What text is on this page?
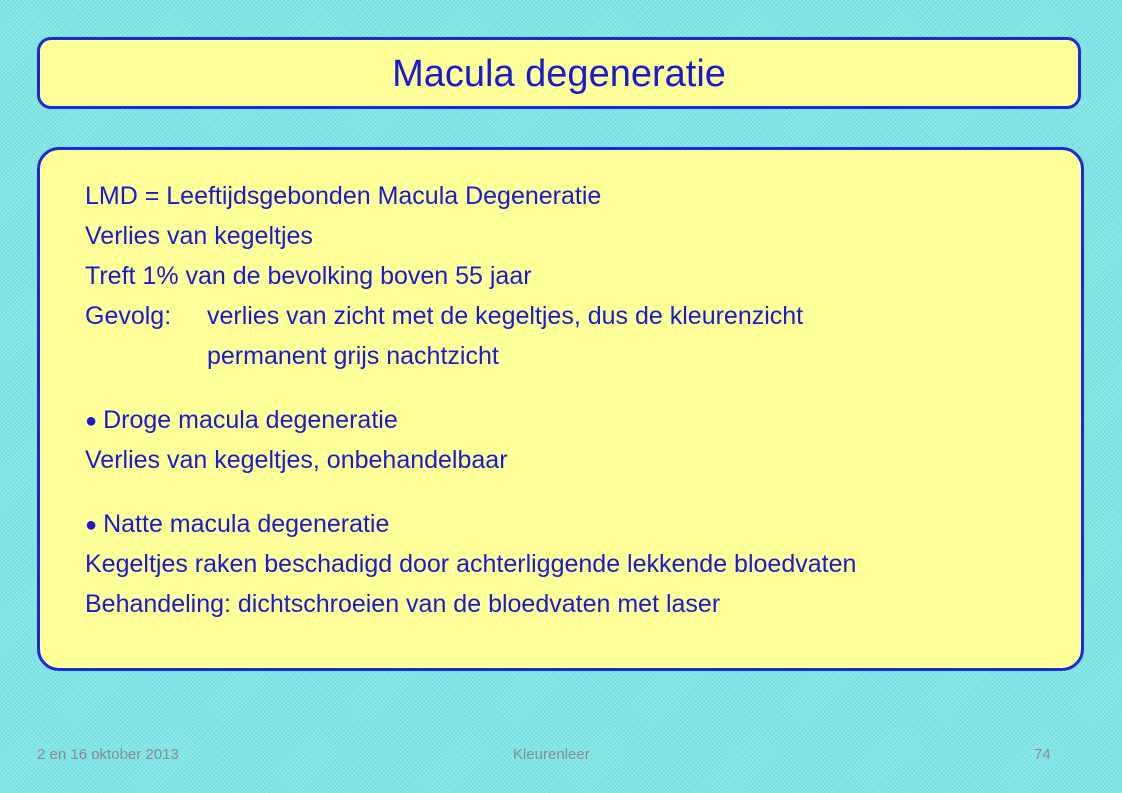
Macula degeneratie
LMD = Leeftijdsgebonden Macula Degeneratie
Verlies van kegeltjes
Treft 1% van de bevolking boven 55 jaar
Gevolg:	verlies van zicht met de kegeltjes, dus de kleurenzicht
permanent grijs nachtzicht
● Droge macula degeneratie
Verlies van kegeltjes, onbehandelbaar
● Natte macula degeneratie
Kegeltjes raken beschadigd door achterliggende lekkende bloedvaten
Behandeling: dichtschroeien van de bloedvaten met laser
2 en 16 oktober 2013	Kleurenleer	74
